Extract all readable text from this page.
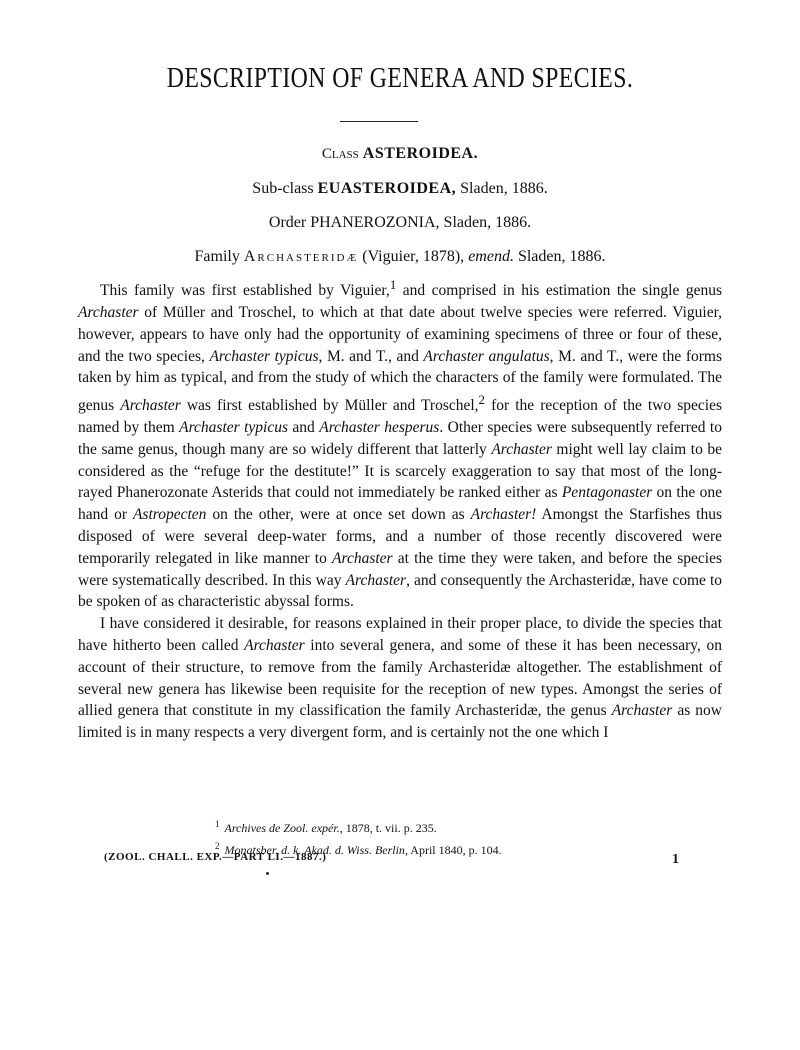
DESCRIPTION OF GENERA AND SPECIES.
Class ASTEROIDEA.
Sub-class EUASTEROIDEA, Sladen, 1886.
Order PHANEROZONIA, Sladen, 1886.
Family Archasteridæ (Viguier, 1878), emend. Sladen, 1886.

This family was first established by Viguier,$^1$ and comprised in his estimation the single genus Archaster of Müller and Troschel, to which at that date about twelve species were referred. Viguier, however, appears to have only had the opportunity of examining specimens of three or four of these, and the two species, Archaster typicus, M. and T., and Archaster angulatus, M. and T., were the forms taken by him as typical, and from the study of which the characters of the family were formulated. The genus Archaster was first established by Müller and Troschel,$^2$ for the reception of the two species named by them Archaster typicus and Archaster hesperus. Other species were subsequently referred to the same genus, though many are so widely different that latterly Archaster might well lay claim to be considered as the “refuge for the destitute!” It is scarcely exaggeration to say that most of the long-rayed Phanerozonate Asterids that could not immediately be ranked either as Pentagonaster on the one hand or Astropecten on the other, were at once set down as Archaster! Amongst the Starfishes thus disposed of were several deep-water forms, and a number of those recently discovered were temporarily relegated in like manner to Archaster at the time they were taken, and before the species were systematically described. In this way Archaster, and consequently the Archasteridæ, have come to be spoken of as characteristic abyssal forms.

I have considered it desirable, for reasons explained in their proper place, to divide the species that have hitherto been called Archaster into several genera, and some of these it has been necessary, on account of their structure, to remove from the family Archasteridæ altogether. The establishment of several new genera has likewise been requisite for the reception of new types. Amongst the series of allied genera that constitute in my classification the family Archasteridæ, the genus Archaster as now limited is in many respects a very divergent form, and is certainly not the one which I

$^1$ Archives de Zool. expér., 1878, t. vii. p. 235.
$^2$ Monatsber. d. k. Akad. d. Wiss. Berlin, April 1840, p. 104.
(ZOOL. CHALL. EXP.—PART LI.—1887.)	1
